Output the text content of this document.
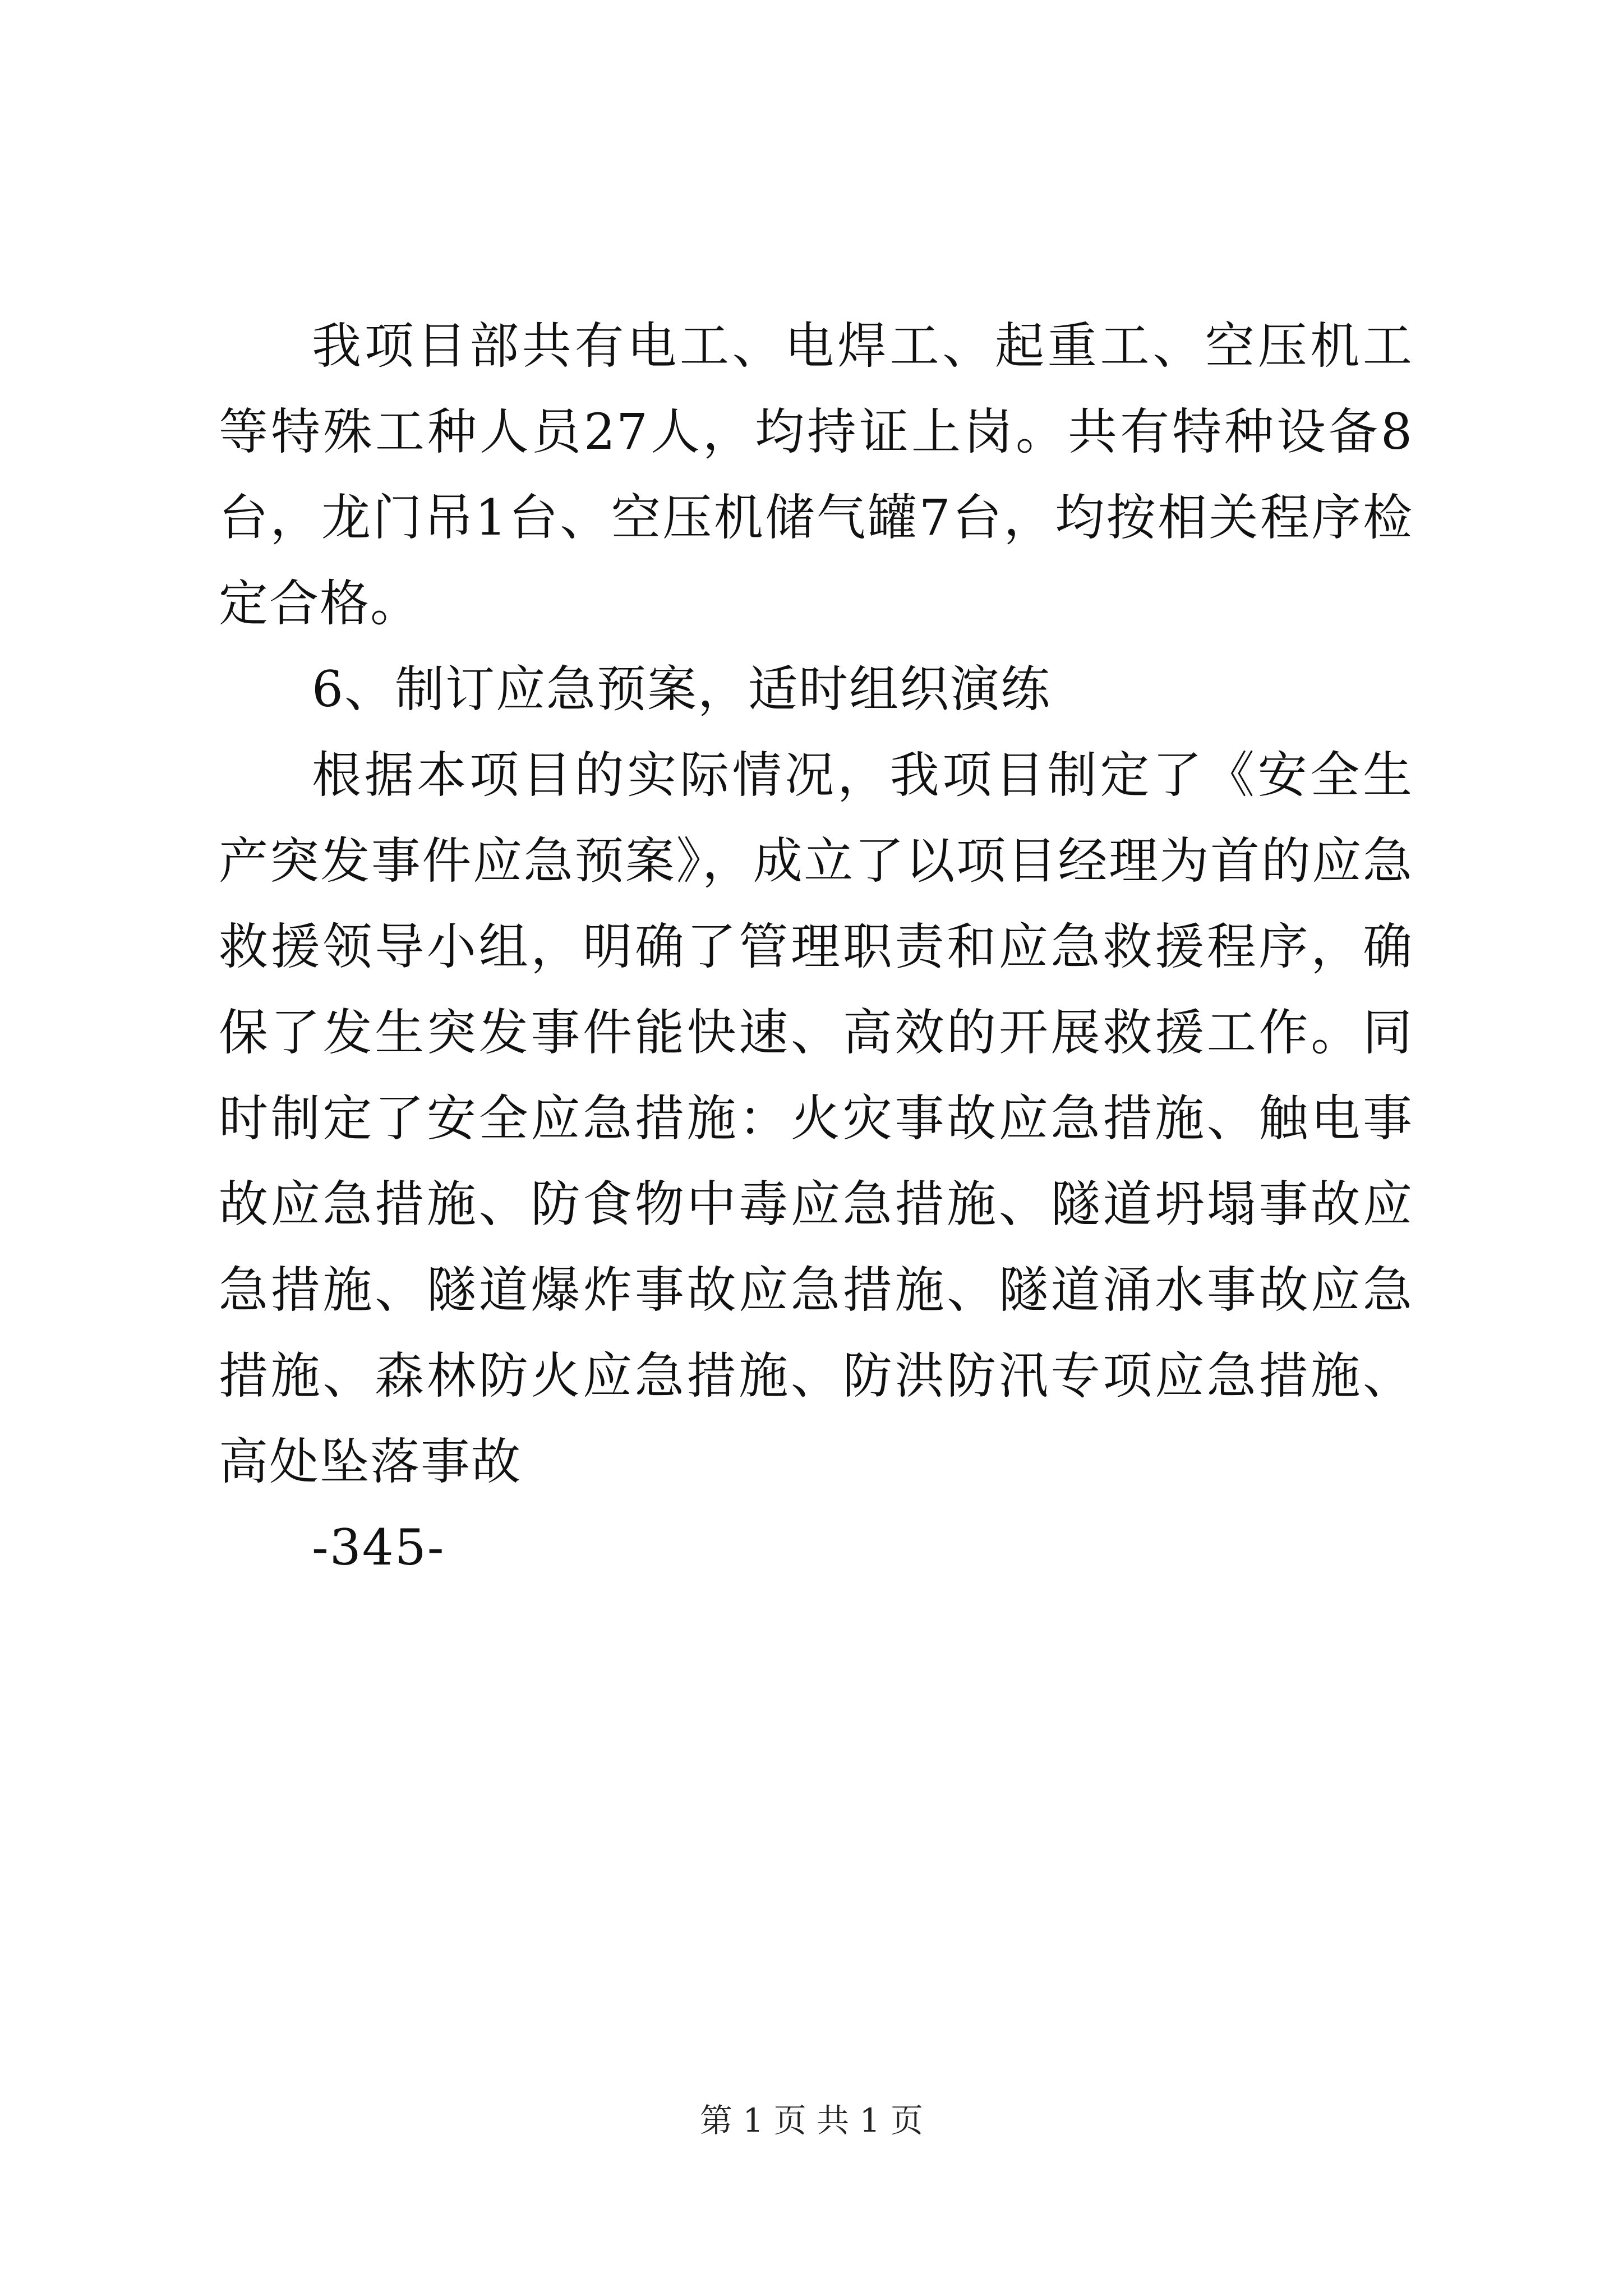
我项目部共有电工、电焊工、起重工、空压机工等特殊工种人员27人，均持证上岗。共有特种设备8台，龙门吊1台、空压机储气罐7台，均按相关程序检定合格。

6、制订应急预案，适时组织演练

根据本项目的实际情况，我项目制定了《安全生产突发事件应急预案》，成立了以项目经理为首的应急救援领导小组，明确了管理职责和应急救援程序，确保了发生突发事件能快速、高效的开展救援工作。同时制定了安全应急措施：火灾事故应急措施、触电事故应急措施、防食物中毒应急措施、隧道坍塌事故应急措施、隧道爆炸事故应急措施、隧道涌水事故应急措施、森林防火应急措施、防洪防汛专项应急措施、高处坠落事故

-345-

第 1 页 共 1 页
